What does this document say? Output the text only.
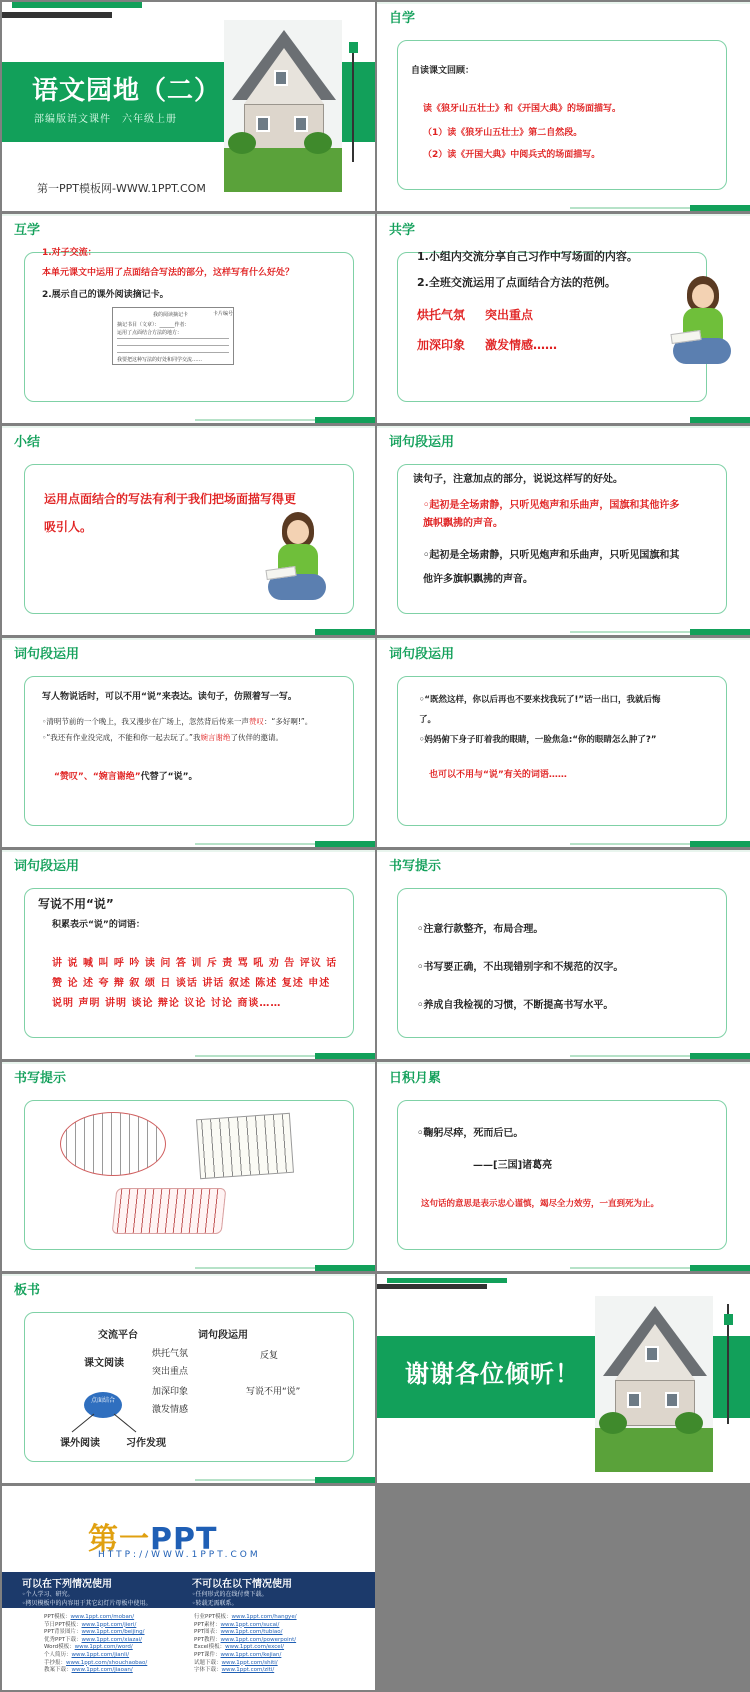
语文园地（二）
部编版语文课件　六年级上册
第一PPT模板网-WWW.1PPT.COM
自学
自读课文回顾：
读《狼牙山五壮士》和《开国大典》的场面描写。
（1）读《狼牙山五壮士》第二自然段。
（2）读《开国大典》中阅兵式的场面描写。
互学
1.对子交流：
本单元课文中运用了点面结合写法的部分，这样写有什么好处？
2.展示自己的课外阅读摘记卡。
我的阅读摘记卡	卡片编号
摘记书目（文章）：______作者：
运用了点面结合方法的地方：
我要把这种写法的好处和同学交流……
共学
1.小组内交流分享自己习作中写场面的内容。
2.全班交流运用了点面结合方法的范例。
烘托气氛 突出重点
加深印象 激发情感……
小结
运用点面结合的写法有利于我们把场面描写得更
吸引人。
词句段运用
读句子，注意加点的部分，说说这样写的好处。
◦起初是全场肃静，只听见炮声和乐曲声，国旗和其他许多
旗帜飘拂的声音。
◦起初是全场肃静，只听见炮声和乐曲声，只听见国旗和其
他许多旗帜飘拂的声音。
词句段运用
写人物说话时，可以不用“说”来表达。读句子，仿照着写一写。
◦清明节前的一个晚上，我又漫步在广场上，忽然背后传来一声赞叹：“多好啊!”。
◦“我还有作业没完成，不能和你一起去玩了。”我婉言谢绝了伙伴的邀请。
“赞叹”、“婉言谢绝”代替了“说”。
词句段运用
◦“既然这样，你以后再也不要来找我玩了!”话一出口，我就后悔
了。
◦妈妈俯下身子盯着我的眼睛，一脸焦急:“你的眼睛怎么肿了?”
也可以不用与“说”有关的词语……
词句段运用
写说不用“说”
积累表示“说”的词语：
讲 说 喊 叫 呼 吟 读 问 答 训 斥 责 骂 吼 劝 告 评议 话
赞 论 述 夸 辩 叙 颂 日 谈话 讲话 叙述 陈述 复述 申述
说明 声明 讲明 谈论 辩论 议论 讨论 商谈……
书写提示
◦注意行款整齐，布局合理。
◦书写要正确，不出现错别字和不规范的汉字。
◦养成自我检视的习惯，不断提高书写水平。
书写提示	日积月累
◦鞠躬尽瘁，死而后已。
——[三国]诸葛亮
这句话的意思是表示忠心谨慎，竭尽全力效劳，一直到死为止。
板书
交流平台	词句段运用
课文阅读
烘托气氛
突出重点
反复
加深印象	写说不用“说”
激发情感
点面结合
课外阅读	习作发现
谢谢各位倾听！
第一PPT
HTTP://WWW.1PPT.COM
可以在下列情况使用
◦个人学习、研究。
◦拷贝模板中的内容用于其它幻灯片母板中使用。
不可以在以下情况使用
◦任何形式的在线付费下载。
◦转载无需联系。
PPT模板：www.1ppt.com/moban/
节日PPT模板：www.1ppt.com/jieri/
PPT背景图片：www.1ppt.com/beijing/
优秀PPT下载：www.1ppt.com/xiazai/
Word模板：www.1ppt.com/word/
个人简历：www.1ppt.com/jianli/
手抄报：www.1ppt.com/shouchaobao/
教案下载：www.1ppt.com/jiaoan/
行业PPT模板：www.1ppt.com/hangye/
PPT素材：www.1ppt.com/sucai/
PPT图表：www.1ppt.com/tubiao/
PPT教程：www.1ppt.com/powerpoint/
Excel模板：www.1ppt.com/excel/
PPT课件：www.1ppt.com/kejian/
试题下载：www.1ppt.com/shiti/
字体下载：www.1ppt.com/ziti/
